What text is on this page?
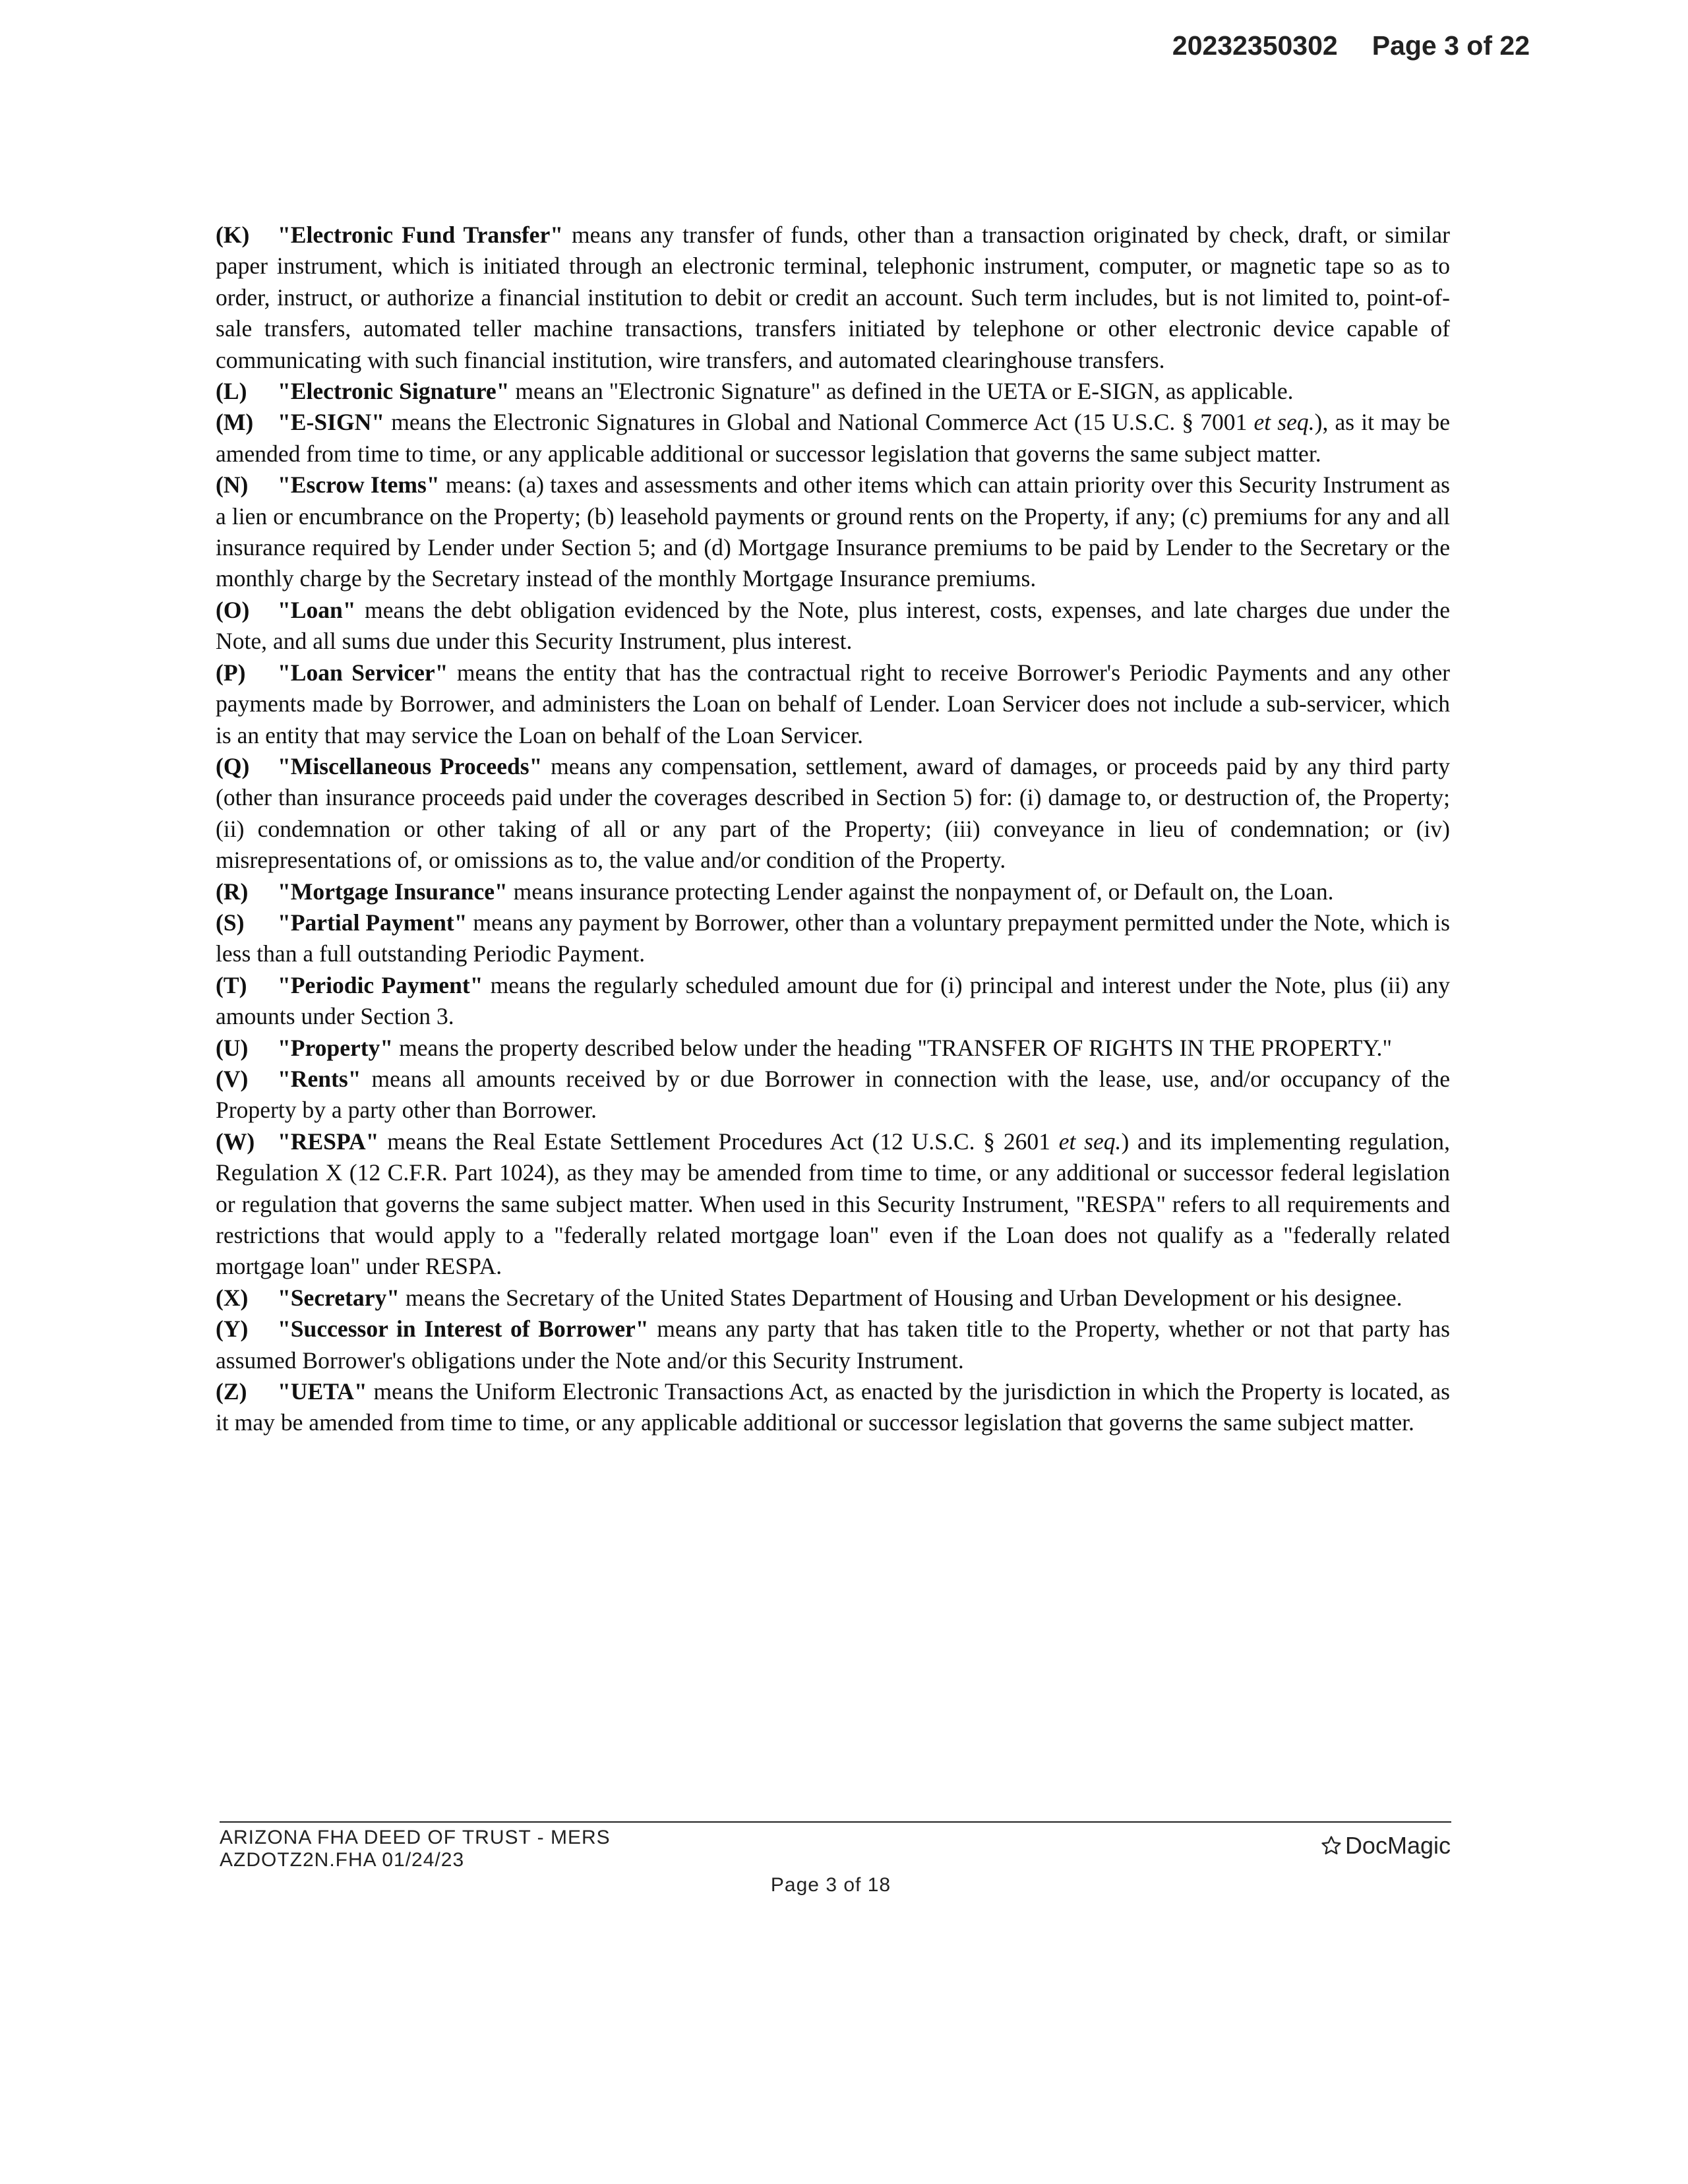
20232350302 Page 3 of 22

(K) "Electronic Fund Transfer" means any transfer of funds, other than a transaction originated by check, draft, or similar paper instrument, which is initiated through an electronic terminal, telephonic instrument, computer, or magnetic tape so as to order, instruct, or authorize a financial institution to debit or credit an account. Such term includes, but is not limited to, point-of-sale transfers, automated teller machine transactions, transfers initiated by telephone or other electronic device capable of communicating with such financial institution, wire transfers, and automated clearinghouse transfers.

(L) "Electronic Signature" means an "Electronic Signature" as defined in the UETA or E-SIGN, as applicable.

(M) "E-SIGN" means the Electronic Signatures in Global and National Commerce Act (15 U.S.C. § 7001 et seq.), as it may be amended from time to time, or any applicable additional or successor legislation that governs the same subject matter.

(N) "Escrow Items" means: (a) taxes and assessments and other items which can attain priority over this Security Instrument as a lien or encumbrance on the Property; (b) leasehold payments or ground rents on the Property, if any; (c) premiums for any and all insurance required by Lender under Section 5; and (d) Mortgage Insurance premiums to be paid by Lender to the Secretary or the monthly charge by the Secretary instead of the monthly Mortgage Insurance premiums.

(O) "Loan" means the debt obligation evidenced by the Note, plus interest, costs, expenses, and late charges due under the Note, and all sums due under this Security Instrument, plus interest.

(P) "Loan Servicer" means the entity that has the contractual right to receive Borrower's Periodic Payments and any other payments made by Borrower, and administers the Loan on behalf of Lender. Loan Servicer does not include a sub-servicer, which is an entity that may service the Loan on behalf of the Loan Servicer.

(Q) "Miscellaneous Proceeds" means any compensation, settlement, award of damages, or proceeds paid by any third party (other than insurance proceeds paid under the coverages described in Section 5) for: (i) damage to, or destruction of, the Property; (ii) condemnation or other taking of all or any part of the Property; (iii) conveyance in lieu of condemnation; or (iv) misrepresentations of, or omissions as to, the value and/or condition of the Property.

(R) "Mortgage Insurance" means insurance protecting Lender against the nonpayment of, or Default on, the Loan.

(S) "Partial Payment" means any payment by Borrower, other than a voluntary prepayment permitted under the Note, which is less than a full outstanding Periodic Payment.

(T) "Periodic Payment" means the regularly scheduled amount due for (i) principal and interest under the Note, plus (ii) any amounts under Section 3.

(U) "Property" means the property described below under the heading "TRANSFER OF RIGHTS IN THE PROPERTY."

(V) "Rents" means all amounts received by or due Borrower in connection with the lease, use, and/or occupancy of the Property by a party other than Borrower.

(W) "RESPA" means the Real Estate Settlement Procedures Act (12 U.S.C. § 2601 et seq.) and its implementing regulation, Regulation X (12 C.F.R. Part 1024), as they may be amended from time to time, or any additional or successor federal legislation or regulation that governs the same subject matter. When used in this Security Instrument, "RESPA" refers to all requirements and restrictions that would apply to a "federally related mortgage loan" even if the Loan does not qualify as a "federally related mortgage loan" under RESPA.

(X) "Secretary" means the Secretary of the United States Department of Housing and Urban Development or his designee.

(Y) "Successor in Interest of Borrower" means any party that has taken title to the Property, whether or not that party has assumed Borrower's obligations under the Note and/or this Security Instrument.

(Z) "UETA" means the Uniform Electronic Transactions Act, as enacted by the jurisdiction in which the Property is located, as it may be amended from time to time, or any applicable additional or successor legislation that governs the same subject matter.

ARIZONA FHA DEED OF TRUST - MERS
AZDOTZ2N.FHA 01/24/23
DocMagic
Page 3 of 18
